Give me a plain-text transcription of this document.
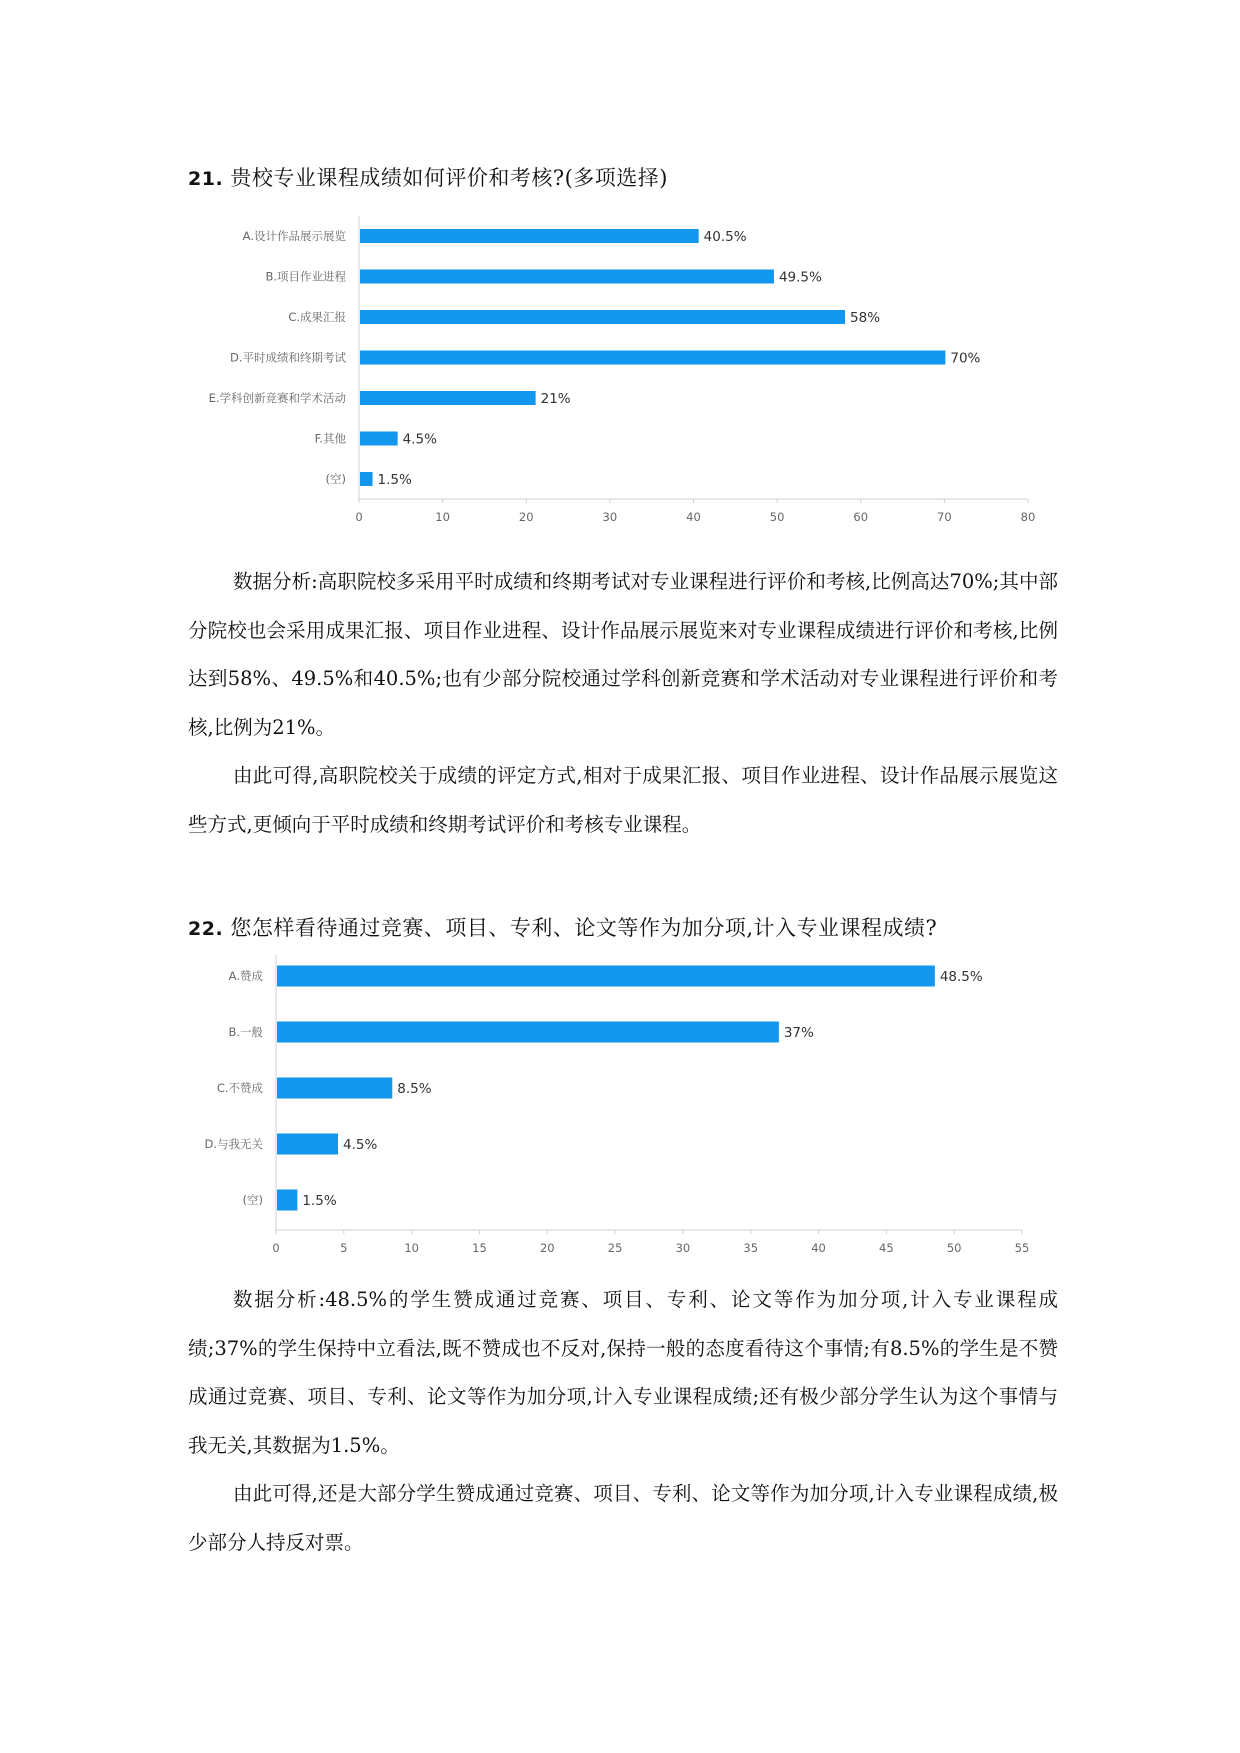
21. 贵校专业课程成绩如何评价和考核?(多项选择)
A.设计作品展示展览	40.5%
B.项目作业进程	49.5%
C.成果汇报	58%
D.平时成绩和终期考试	70%
E.学科创新竞赛和学术活动	21%
F.其他	4.5%
(空) 1.5%
0	10	20	30	40	50	60	70	80

数据分析:高职院校多采用平时成绩和终期考试对专业课程进行评价和考核,比例高达70%;其中部分院校也会采用成果汇报、项目作业进程、设计作品展示展览来对专业课程成绩进行评价和考核,比例达到58%、49.5%和40.5%;也有少部分院校通过学科创新竞赛和学术活动对专业课程进行评价和考核,比例为21%。

由此可得,高职院校关于成绩的评定方式,相对于成果汇报、项目作业进程、设计作品展示展览这些方式,更倾向于平时成绩和终期考试评价和考核专业课程。

22. 您怎样看待通过竞赛、项目、专利、论文等作为加分项,计入专业课程成绩?
A.赞成	48.5%
B.一般	37%
C.不赞成	8.5%
D.与我无关	4.5%
(空)	1.5%
0	5	10	15	20	25	30	35	40	45	50	55

数据分析:48.5%的学生赞成通过竞赛、项目、专利、论文等作为加分项,计入专业课程成绩;37%的学生保持中立看法,既不赞成也不反对,保持一般的态度看待这个事情;有8.5%的学生是不赞成通过竞赛、项目、专利、论文等作为加分项,计入专业课程成绩;还有极少部分学生认为这个事情与我无关,其数据为1.5%。

由此可得,还是大部分学生赞成通过竞赛、项目、专利、论文等作为加分项,计入专业课程成绩,极少部分人持反对票。
